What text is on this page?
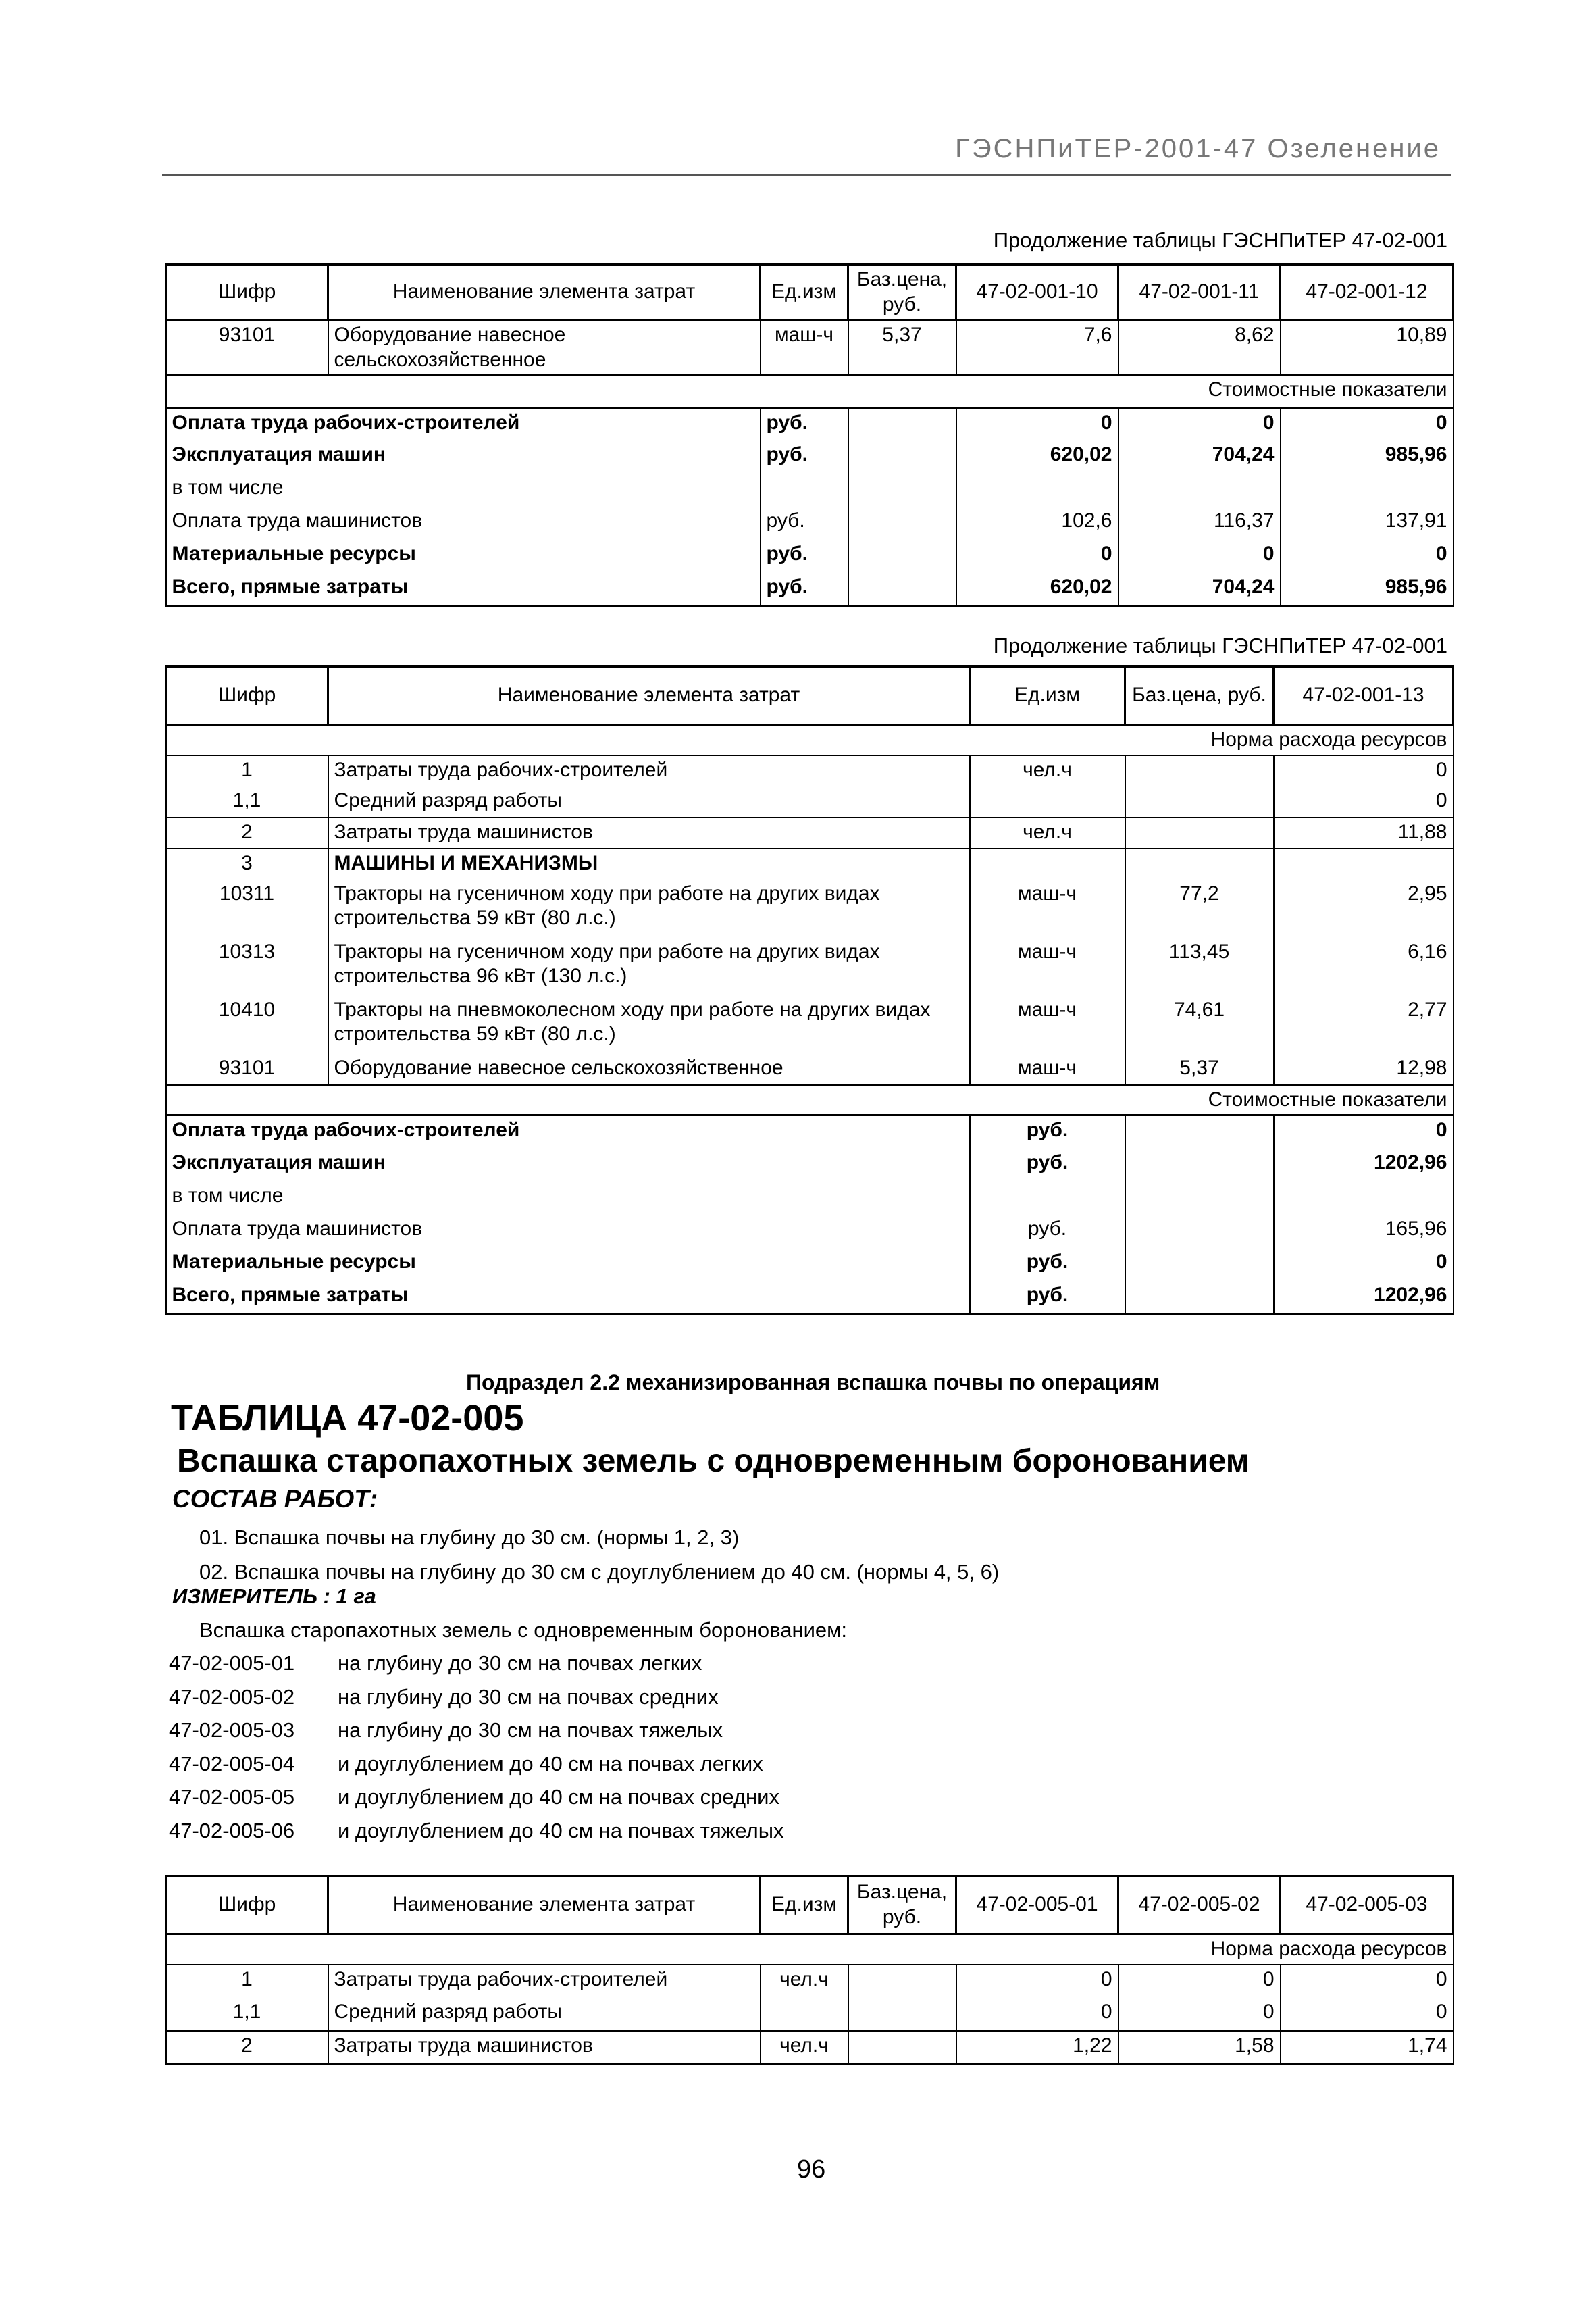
ГЭСНПиТЕР-2001-47 Озеленение
Продолжение таблицы ГЭСНПиТЕР 47-02-001
Шифр	Наименование элемента затрат	Ед.изм	Баз.цена, руб.	47-02-001-10	47-02-001-11	47-02-001-12
93101	Оборудование навесное сельскохозяйственное	маш-ч	5,37	7,6	8,62	10,89
Стоимостные показатели						
Оплата труда рабочих-строителей		руб.		0	0	0
Эксплуатация машин		руб.		620,02	704,24	985,96
в том числе						
Оплата труда машинистов		руб.		102,6	116,37	137,91
Материальные ресурсы		руб.		0	0	0
Всего, прямые затраты		руб.		620,02	704,24	985,96
Продолжение таблицы ГЭСНПиТЕР 47-02-001
Шифр	Наименование элемента затрат	Ед.изм	Баз.цена, руб.	47-02-001-13
Норма расхода ресурсов				
1	Затраты труда рабочих-строителей	чел.ч		0
1,1	Средний разряд работы			0
2	Затраты труда машинистов	чел.ч		11,88
3	МАШИНЫ И МЕХАНИЗМЫ			
10311	Тракторы на гусеничном ходу при работе на других видах строительства 59 кВт (80 л.с.)	маш-ч	77,2	2,95
10313	Тракторы на гусеничном ходу при работе на других видах строительства 96 кВт (130 л.с.)	маш-ч	113,45	6,16
10410	Тракторы на пневмоколесном ходу при работе на других видах строительства 59 кВт (80 л.с.)	маш-ч	74,61	2,77
93101	Оборудование навесное сельскохозяйственное	маш-ч	5,37	12,98
Стоимостные показатели				
Оплата труда рабочих-строителей		руб.		0
Эксплуатация машин		руб.		1202,96
в том числе				
Оплата труда машинистов		руб.		165,96
Материальные ресурсы		руб.		0
Всего, прямые затраты		руб.		1202,96
Подраздел 2.2 механизированная вспашка почвы по операциям
ТАБЛИЦА 47-02-005
Вспашка старопахотных земель с одновременным боронованием
СОСТАВ РАБОТ:
01. Вспашка почвы на глубину до 30 см. (нормы 1, 2, 3)
02. Вспашка почвы на глубину до 30 см с доуглублением до 40 см. (нормы 4, 5, 6)
ИЗМЕРИТЕЛЬ : 1 га
Вспашка старопахотных земель с одновременным боронованием:
47-02-005-01	на глубину до 30 см на почвах легких
47-02-005-02	на глубину до 30 см на почвах средних
47-02-005-03	на глубину до 30 см на почвах тяжелых
47-02-005-04	и доуглублением до 40 см на почвах легких
47-02-005-05	и доуглублением до 40 см на почвах средних
47-02-005-06	и доуглублением до 40 см на почвах тяжелых
Шифр	Наименование элемента затрат	Ед.изм	Баз.цена, руб.	47-02-005-01	47-02-005-02	47-02-005-03
Норма расхода ресурсов						
1	Затраты труда рабочих-строителей	чел.ч		0	0	0
1,1	Средний разряд работы			0	0	0
2	Затраты труда машинистов	чел.ч		1,22	1,58	1,74
96
